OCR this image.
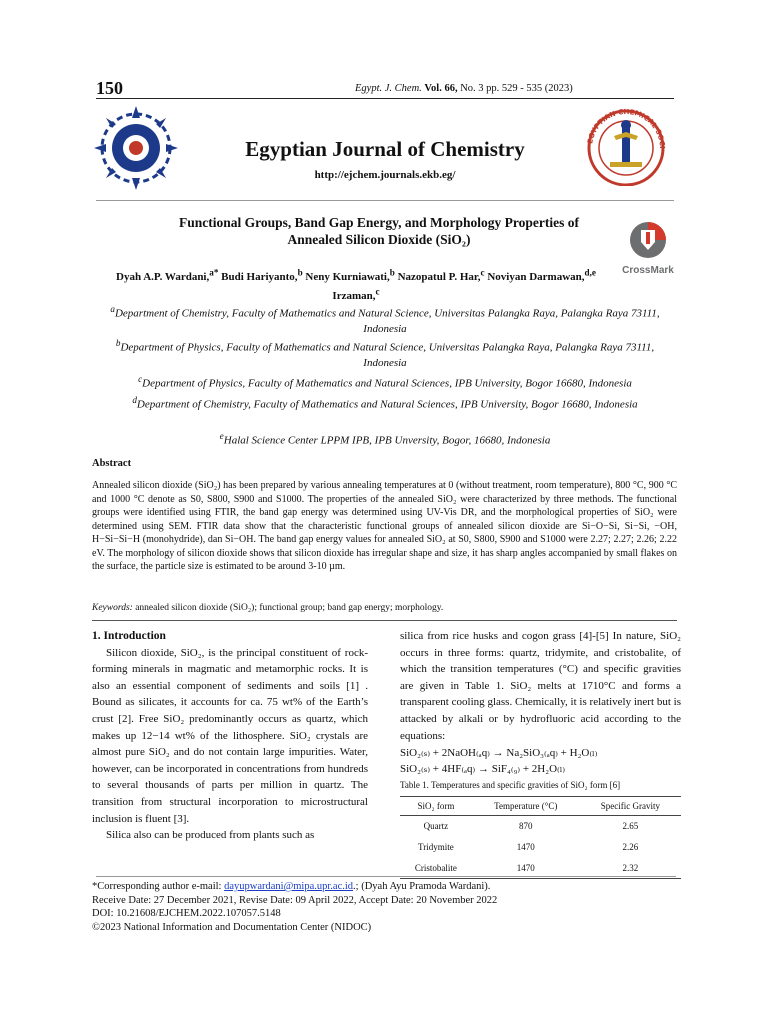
150	Egypt. J. Chem. Vol. 66, No. 3 pp. 529 - 535 (2023)
Egyptian Journal of Chemistry
http://ejchem.journals.ekb.eg/
EGYPTIAN CHEMICAL SOCI
Functional Groups, Band Gap Energy, and Morphology Properties of
Annealed Silicon Dioxide (SiO₂)
CrossMark
Dyah A.P. Wardani,$^{a*}$ Budi Hariyanto,$^b$ Neny Kurniawati,$^b$ Nazopatul P. Har,$^c$ Noviyan Darmawan,$^{d,e}$ Irzaman,$^c$
$^a$Department of Chemistry, Faculty of Mathematics and Natural Science, Universitas Palangka Raya, Palangka Raya 73111, Indonesia
$^b$Department of Physics, Faculty of Mathematics and Natural Science, Universitas Palangka Raya, Palangka Raya 73111, Indonesia
$^c$Department of Physics, Faculty of Mathematics and Natural Sciences, IPB University, Bogor 16680, Indonesia
$^d$Department of Chemistry, Faculty of Mathematics and Natural Sciences, IPB University, Bogor 16680, Indonesia
$^e$Halal Science Center LPPM IPB, IPB Unversity, Bogor, 16680, Indonesia
Abstract
Annealed silicon dioxide (SiO₂) has been prepared by various annealing temperatures at 0 (without treatment, room temperature), 800 °C, 900 °C and 1000 °C denote as S0, S800, S900 and S1000. The properties of the annealed SiO₂ were characterized by three methods. The functional groups were identified using FTIR, the band gap energy was determined using UV-Vis DR, and the morphological properties of SiO₂ were determined using SEM. FTIR data show that the characteristic functional groups of annealed silicon dioxide are Si−O−Si, Si−Si, −OH, H−Si−Si−H (monohydride), dan Si−OH. The band gap energy values for annealed SiO₂ at S0, S800, S900 and S1000 were 2.27; 2.27; 2.26; 2.22 eV. The morphology of silicon dioxide shows that silicon dioxide has irregular shape and size, it has sharp angles accompanied by small flakes on the surface, the particle size is estimated to be around 3-10 µm.
Keywords: annealed silicon dioxide (SiO₂); functional group; band gap energy; morphology.
1. Introduction
Silicon dioxide, SiO₂, is the principal constituent of rock-forming minerals in magmatic and metamorphic rocks. It is also an essential component of sediments and soils [1] . Bound as silicates, it accounts for ca. 75 wt% of the Earth’s crust [2]. Free SiO₂ predominantly occurs as quartz, which makes up 12−14 wt% of the lithosphere. SiO₂ crystals are almost pure SiO₂ and do not contain large impurities. Water, however, can be incorporated in concentrations from hundreds to several thousands of parts per million in quartz. The transition from structural incorporation to microstructural inclusion is fluent [3].
Silica also can be produced from plants such as
silica from rice husks and cogon grass [4]-[5] In nature, SiO₂ occurs in three forms: quartz, tridymite, and cristobalite, of which the transition temperatures (°C) and specific gravities are given in Table 1. SiO₂ melts at 1710°C and forms a transparent cooling glass. Chemically, it is relatively inert but is attacked by alkali or by hydrofluoric acid according to the equations:
SiO₂₍ₛ₎ + 2NaOH₍ₐq₎ → Na₂SiO₃₍ₐq₎ + H₂O₍ₗ₎
SiO₂₍ₛ₎ + 4HF₍ₐq₎ → SiF₄₍₉₎ + 2H₂O₍ₗ₎
Table 1. Temperatures and specific gravities of SiO₂ form [6]
SiO₂ form	Temperature (°C)	Specific Gravity
Quartz	870	2.65
Tridymite	1470	2.26
Cristobalite	1470	2.32
*Corresponding author e-mail: dayupwardani@mipa.upr.ac.id.; (Dyah Ayu Pramoda Wardani).
Receive Date: 27 December 2021, Revise Date: 09 April 2022, Accept Date: 20 November 2022
DOI: 10.21608/EJCHEM.2022.107057.5148
©2023 National Information and Documentation Center (NIDOC)
